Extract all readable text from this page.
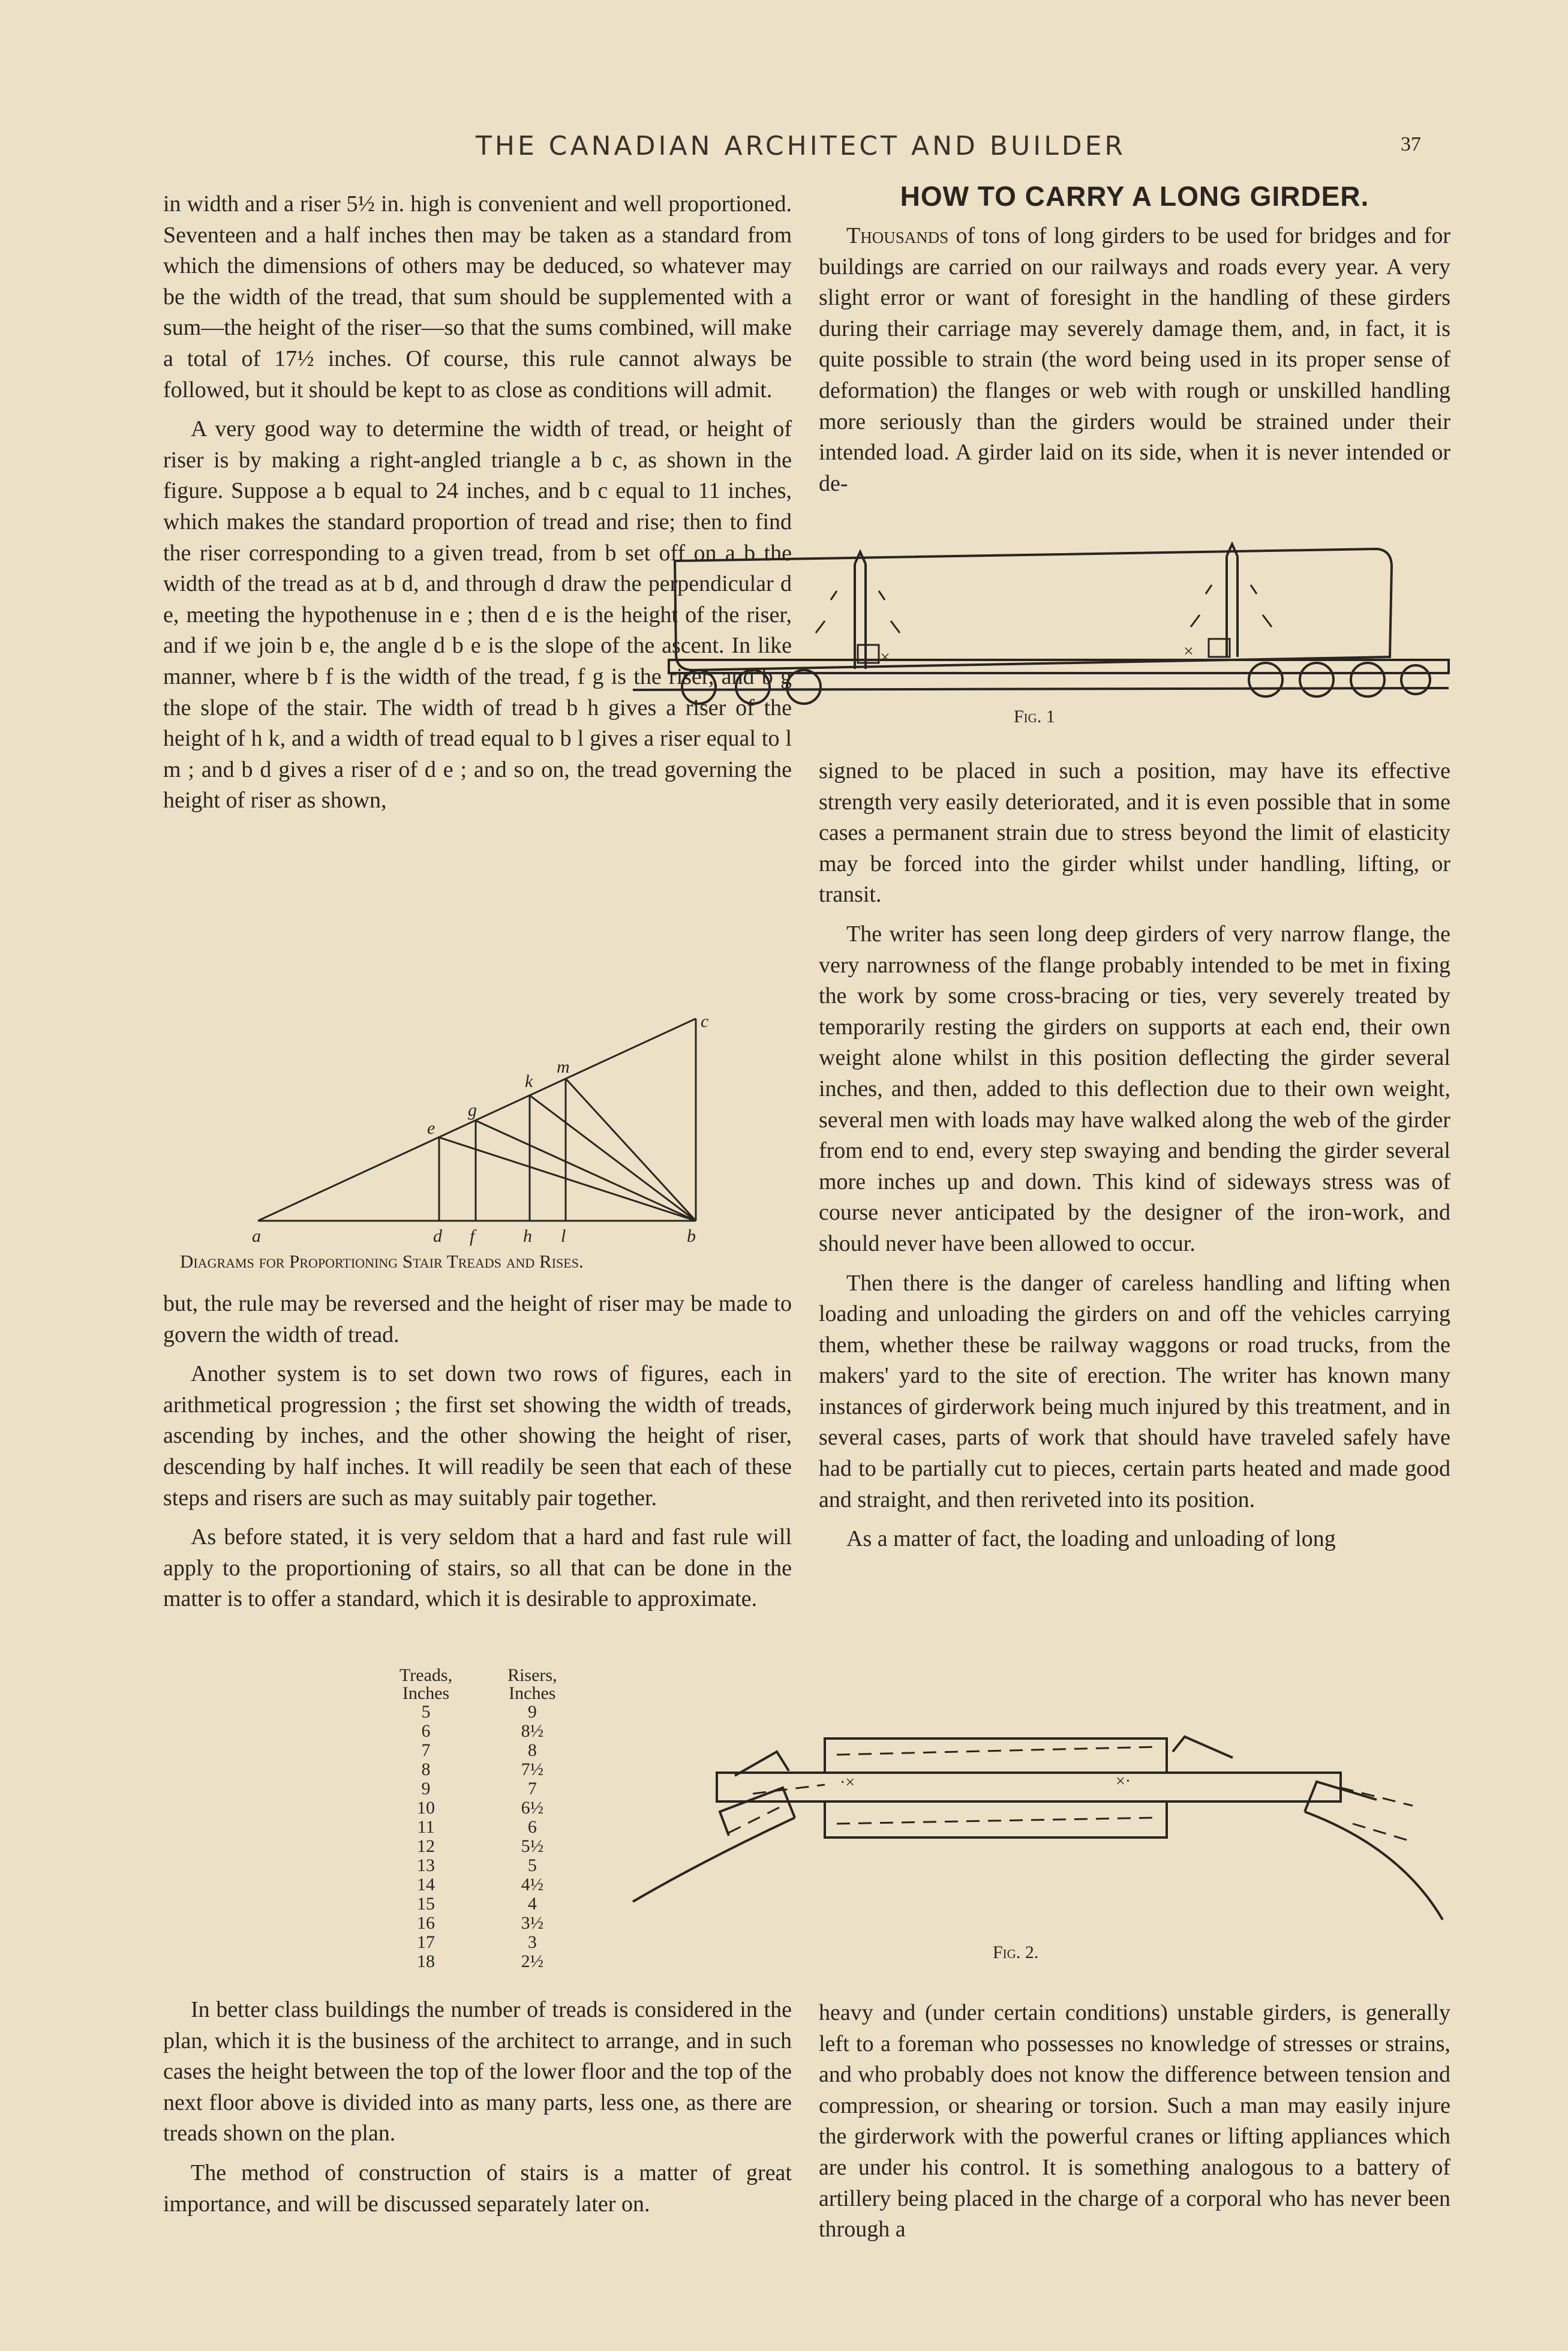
THE CANADIAN ARCHITECT AND BUILDER	37

in width and a riser 5½ in. high is convenient and well proportioned. Seventeen and a half inches then may be taken as a standard from which the dimensions of others may be deduced, so whatever may be the width of the tread, that sum should be supplemented with a sum—the height of the riser—so that the sums combined, will make a total of 17½ inches. Of course, this rule cannot always be followed, but it should be kept to as close as conditions will admit.

A very good way to determine the width of tread, or height of riser is by making a right-angled triangle a b c, as shown in the figure. Suppose a b equal to 24 inches, and b c equal to 11 inches, which makes the standard proportion of tread and rise; then to find the riser corresponding to a given tread, from b set off on a b the width of the tread as at b d, and through d draw the perpendicular d e, meeting the hypothenuse in e ; then d e is the height of the riser, and if we join b e, the angle d b e is the slope of the ascent. In like manner, where b f is the width of the tread, f g is the riser, and b g the slope of the stair. The width of tread b h gives a riser of the height of h k, and a width of tread equal to b l gives a riser equal to l m ; and b d gives a riser of d e ; and so on, the tread governing the height of riser as shown,

a	d f	h l	b
c
e
g
k
m
Diagrams for Proportioning Stair Treads and Rises.

but, the rule may be reversed and the height of riser may be made to govern the width of tread.

Another system is to set down two rows of figures, each in arithmetical progression ; the first set showing the width of treads, ascending by inches, and the other showing the height of riser, descending by half inches. It will readily be seen that each of these steps and risers are such as may suitably pair together.

As before stated, it is very seldom that a hard and fast rule will apply to the proportioning of stairs, so all that can be done in the matter is to offer a standard, which it is desirable to approximate.

Treads,	Risers,
Inches	Inches
5	9
6	8½
7	8
8	7½
9	7
10	6½
11	6
12	5½
13	5
14	4½
15	4
16	3½
17	3
18	2½

In better class buildings the number of treads is considered in the plan, which it is the business of the architect to arrange, and in such cases the height between the top of the lower floor and the top of the next floor above is divided into as many parts, less one, as there are treads shown on the plan.

The method of construction of stairs is a matter of great importance, and will be discussed separately later on.

HOW TO CARRY A LONG GIRDER.

Thousands of tons of long girders to be used for bridges and for buildings are carried on our railways and roads every year. A very slight error or want of foresight in the handling of these girders during their carriage may severely damage them, and, in fact, it is quite possible to strain (the word being used in its proper sense of deformation) the flanges or web with rough or unskilled handling more seriously than the girders would be strained under their intended load. A girder laid on its side, when it is never intended or de-

×	×
Fig. 1

signed to be placed in such a position, may have its effective strength very easily deteriorated, and it is even possible that in some cases a permanent strain due to stress beyond the limit of elasticity may be forced into the girder whilst under handling, lifting, or transit.

The writer has seen long deep girders of very narrow flange, the very narrowness of the flange probably intended to be met in fixing the work by some cross-bracing or ties, very severely treated by temporarily resting the girders on supports at each end, their own weight alone whilst in this position deflecting the girder several inches, and then, added to this deflection due to their own weight, several men with loads may have walked along the web of the girder from end to end, every step swaying and bending the girder several more inches up and down. This kind of sideways stress was of course never anticipated by the designer of the iron-work, and should never have been allowed to occur.

Then there is the danger of careless handling and lifting when loading and unloading the girders on and off the vehicles carrying them, whether these be railway waggons or road trucks, from the makers' yard to the site of erection. The writer has known many instances of girderwork being much injured by this treatment, and in several cases, parts of work that should have traveled safely have had to be partially cut to pieces, certain parts heated and made good and straight, and then reriveted into its position.

As a matter of fact, the loading and unloading of long

·×	×·
Fig. 2.

heavy and (under certain conditions) unstable girders, is generally left to a foreman who possesses no knowledge of stresses or strains, and who probably does not know the difference between tension and compression, or shearing or torsion. Such a man may easily injure the girderwork with the powerful cranes or lifting appliances which are under his control. It is something analogous to a battery of artillery being placed in the charge of a corporal who has never been through a
